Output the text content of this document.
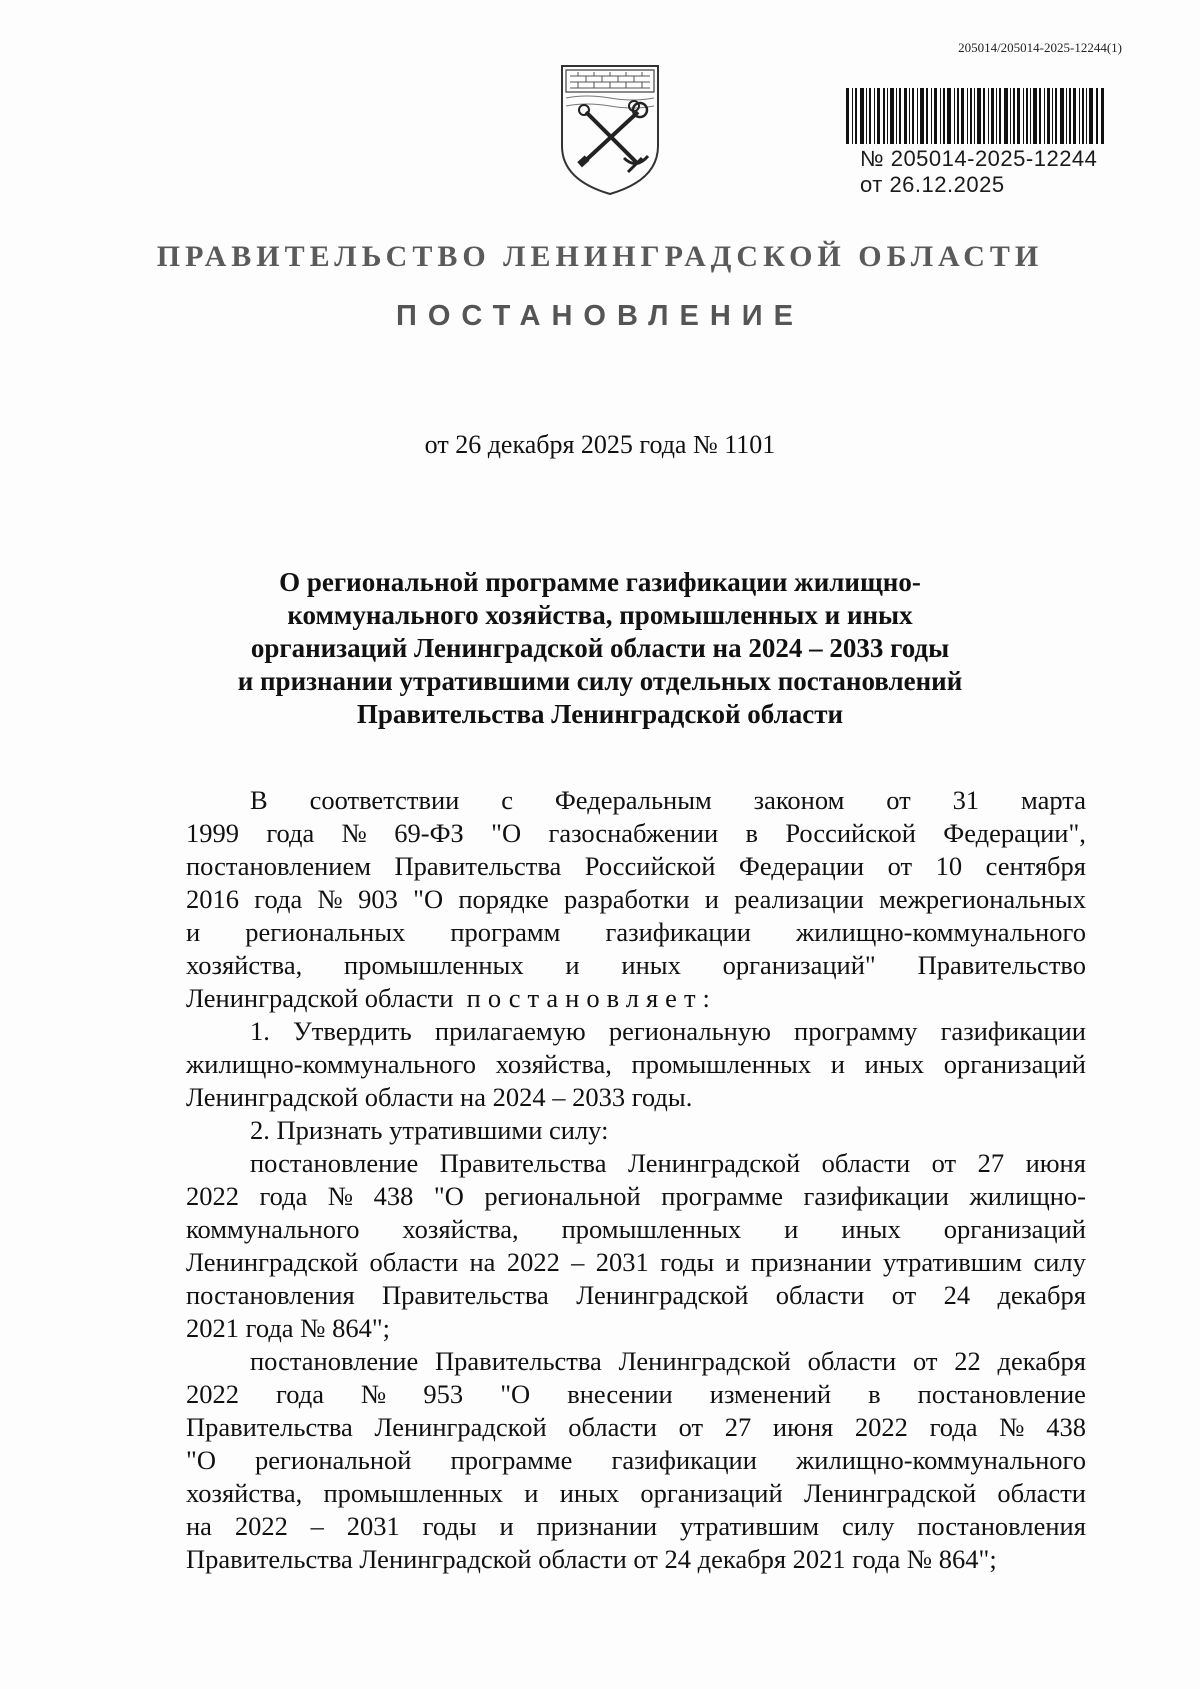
205014/205014-2025-12244(1)
№ 205014-2025-12244
от 26.12.2025
ПРАВИТЕЛЬСТВО ЛЕНИНГРАДСКОЙ ОБЛАСТИ
ПОСТАНОВЛЕНИЕ
от 26 декабря 2025 года № 1101
О региональной программе газификации жилищно-
коммунального хозяйства, промышленных и иных
организаций Ленинградской области на 2024 – 2033 годы
и признании утратившими силу отдельных постановлений
Правительства Ленинградской области
В соответствии с Федеральным законом от 31 марта
1999 года № 69-ФЗ "О газоснабжении в Российской Федерации",
постановлением Правительства Российской Федерации от 10 сентября
2016 года № 903 "О порядке разработки и реализации межрегиональных
и региональных программ газификации жилищно-коммунального
хозяйства, промышленных и иных организаций" Правительство
Ленинградской области
постановляет:
1. Утвердить прилагаемую региональную программу газификации
жилищно-коммунального хозяйства, промышленных и иных организаций
Ленинградской области на 2024 – 2033 годы.
2. Признать утратившими силу:
постановление Правительства Ленинградской области от 27 июня
2022 года № 438 "О региональной программе газификации жилищно-
коммунального хозяйства, промышленных и иных организаций
Ленинградской области на 2022 – 2031 годы и признании утратившим силу
постановления Правительства Ленинградской области от 24 декабря
2021 года № 864";
постановление Правительства Ленинградской области от 22 декабря
2022 года № 953 "О внесении изменений в постановление
Правительства Ленинградской области от 27 июня 2022 года № 438
"О региональной программе газификации жилищно-коммунального
хозяйства, промышленных и иных организаций Ленинградской области
на 2022 – 2031 годы и признании утратившим силу постановления
Правительства Ленинградской области от 24 декабря 2021 года № 864";
